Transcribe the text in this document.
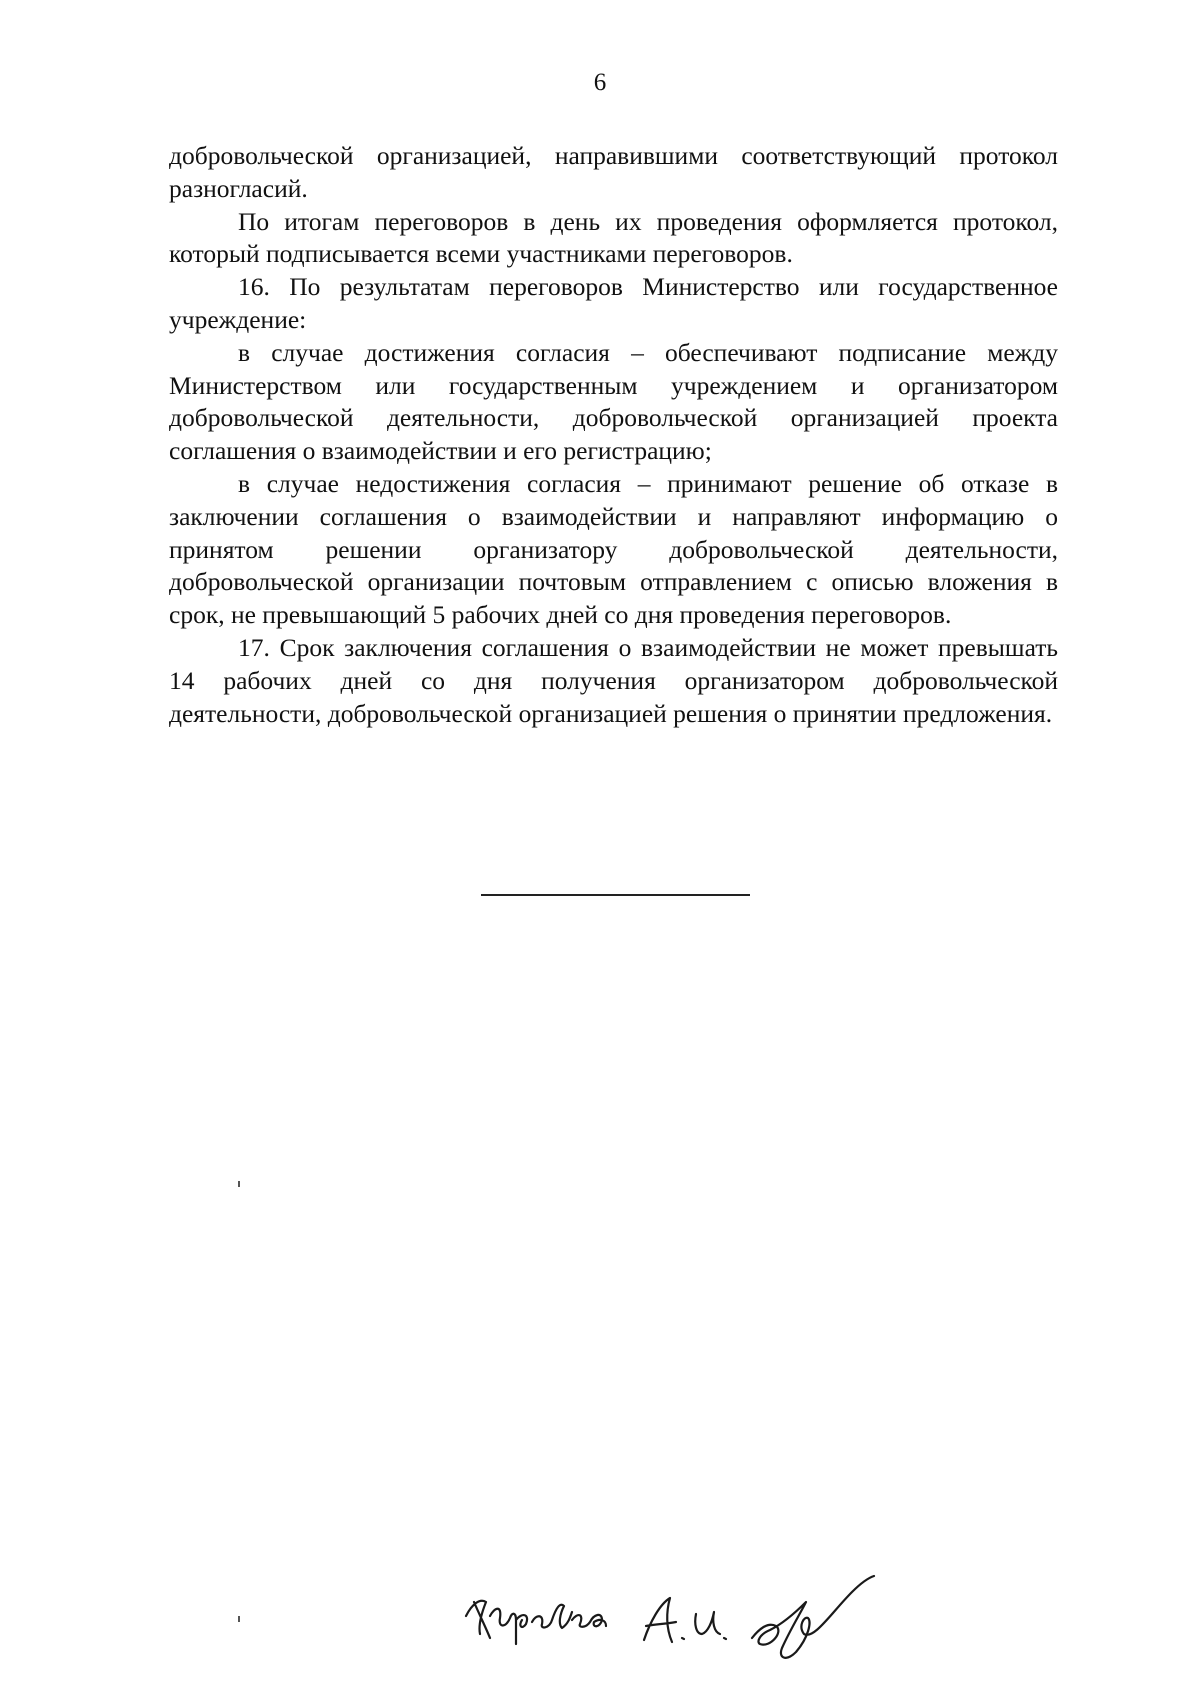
6

добровольческой организацией, направившими соответствующий протокол разногласий.

По итогам переговоров в день их проведения оформляется протокол, который подписывается всеми участниками переговоров.

16. По результатам переговоров Министерство или государственное учреждение:

в случае достижения согласия – обеспечивают подписание между Министерством или государственным учреждением и организатором добровольческой деятельности, добровольческой организацией проекта соглашения о взаимодействии и его регистрацию;

в случае недостижения согласия – принимают решение об отказе в заключении соглашения о взаимодействии и направляют информацию о принятом решении организатору добровольческой деятельности, добровольческой организации почтовым отправлением с описью вложения в срок, не превышающий 5 рабочих дней со дня проведения переговоров.

17. Срок заключения соглашения о взаимодействии не может превышать 14 рабочих дней со дня получения организатором добровольческой деятельности, добровольческой организацией решения о принятии предложения.
